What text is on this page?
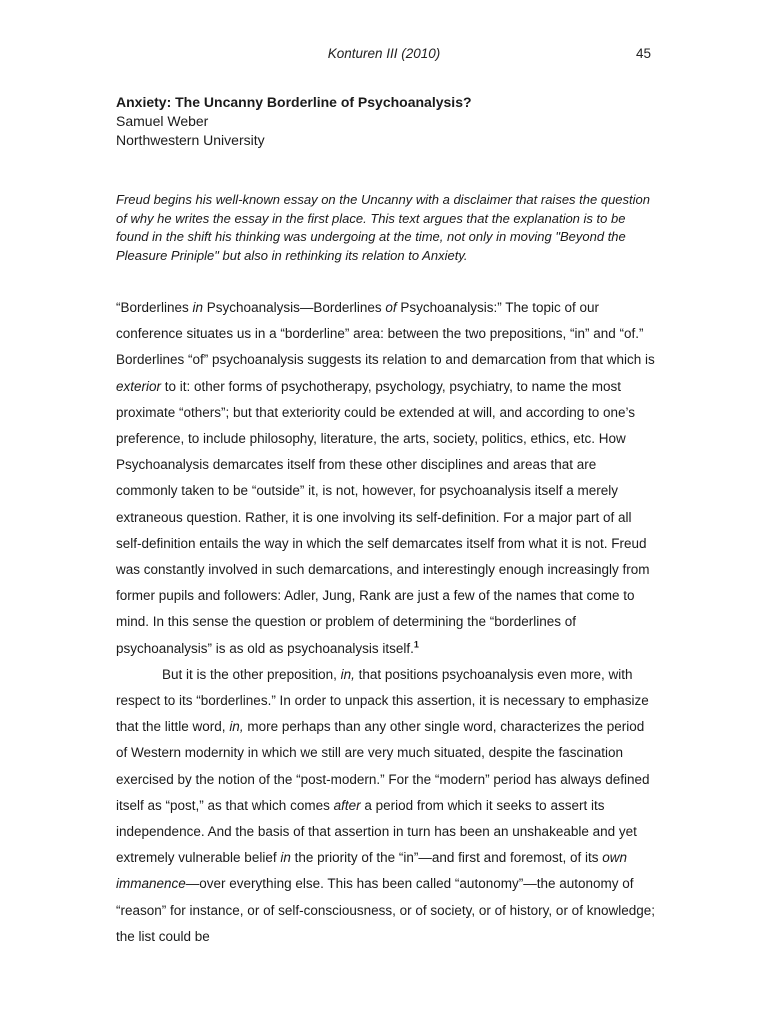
Konturen III (2010)	45
Anxiety: The Uncanny Borderline of Psychoanalysis?
Samuel Weber
Northwestern University

Freud begins his well-known essay on the Uncanny with a disclaimer that raises the question of why he writes the essay in the first place. This text argues that the explanation is to be found in the shift his thinking was undergoing at the time, not only in moving "Beyond the Pleasure Priniple" but also in rethinking its relation to Anxiety.

“Borderlines in Psychoanalysis—Borderlines of Psychoanalysis:” The topic of our conference situates us in a “borderline” area: between the two prepositions, “in” and “of.” Borderlines “of” psychoanalysis suggests its relation to and demarcation from that which is exterior to it: other forms of psychotherapy, psychology, psychiatry, to name the most proximate “others”; but that exteriority could be extended at will, and according to one’s preference, to include philosophy, literature, the arts, society, politics, ethics, etc. How Psychoanalysis demarcates itself from these other disciplines and areas that are commonly taken to be “outside” it, is not, however, for psychoanalysis itself a merely extraneous question. Rather, it is one involving its self-definition. For a major part of all self-definition entails the way in which the self demarcates itself from what it is not. Freud was constantly involved in such demarcations, and interestingly enough increasingly from former pupils and followers: Adler, Jung, Rank are just a few of the names that come to mind. In this sense the question or problem of determining the “borderlines of psychoanalysis” is as old as psychoanalysis itself.$^1$

But it is the other preposition, in, that positions psychoanalysis even more, with respect to its “borderlines.” In order to unpack this assertion, it is necessary to emphasize that the little word, in, more perhaps than any other single word, characterizes the period of Western modernity in which we still are very much situated, despite the fascination exercised by the notion of the “post-modern.” For the “modern” period has always defined itself as “post,” as that which comes after a period from which it seeks to assert its independence. And the basis of that assertion in turn has been an unshakeable and yet extremely vulnerable belief in the priority of the “in”—and first and foremost, of its own immanence—over everything else. This has been called “autonomy”—the autonomy of “reason” for instance, or of self-consciousness, or of society, or of history, or of knowledge; the list could be
